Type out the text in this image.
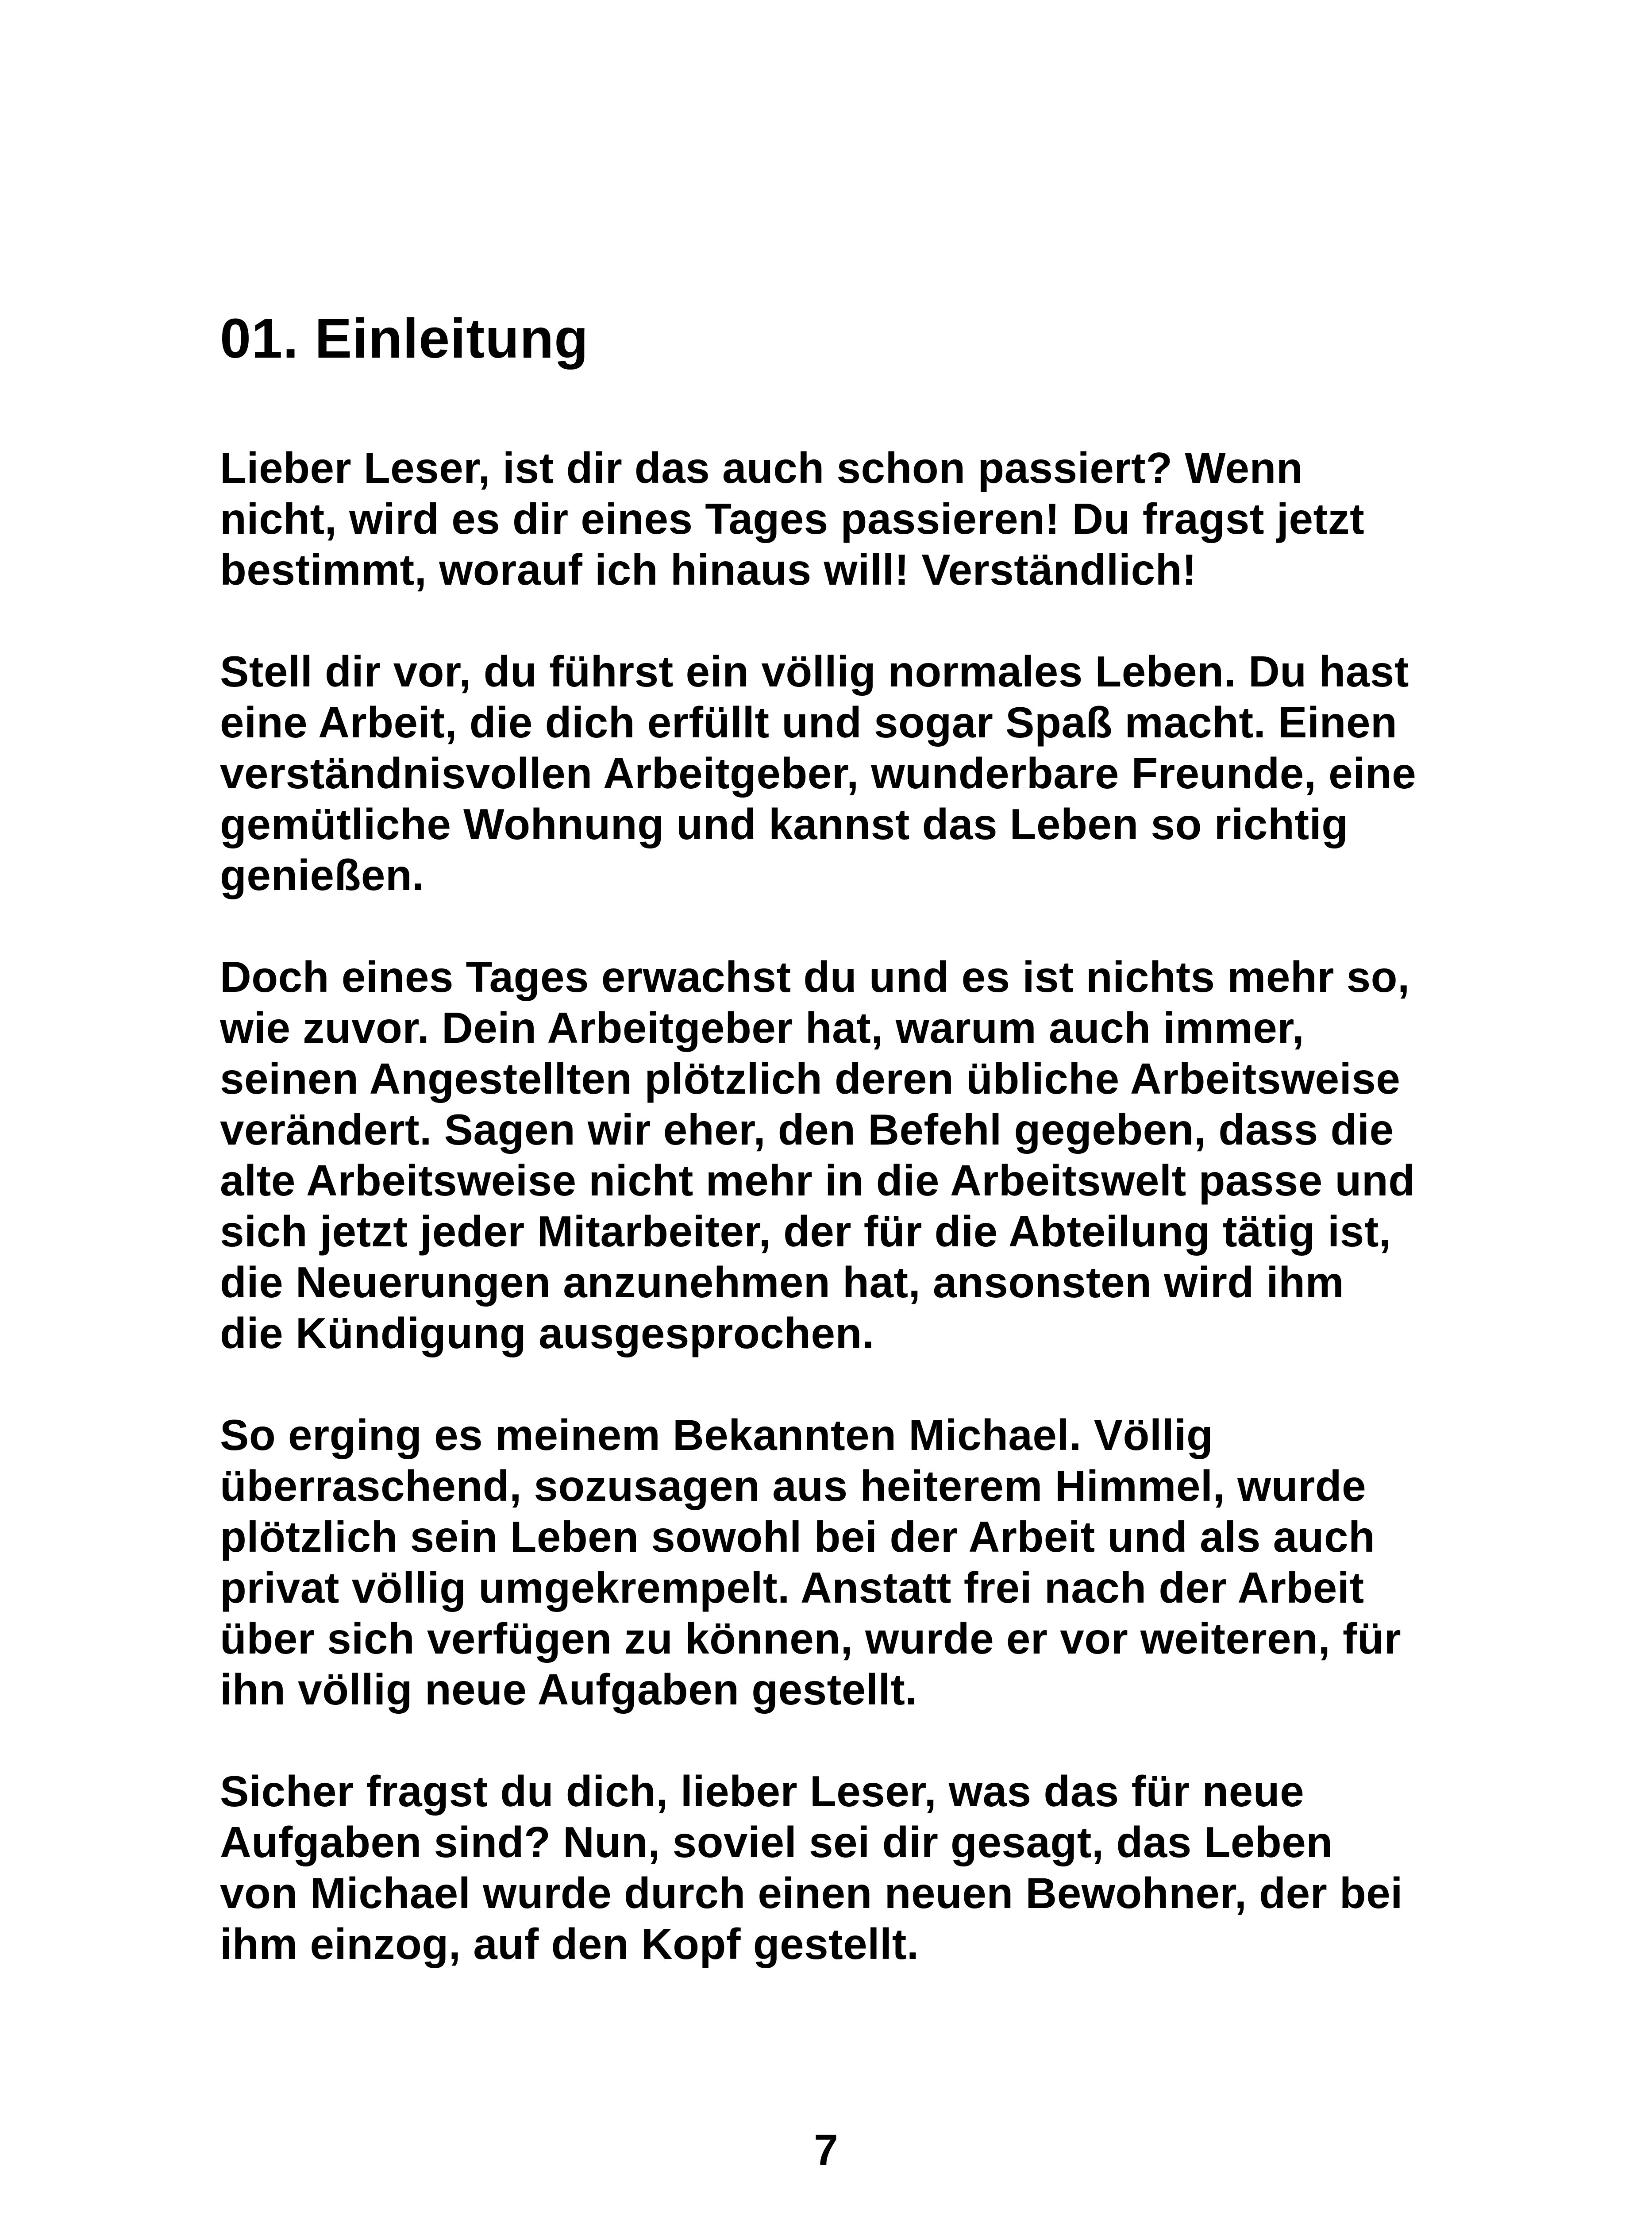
01. Einleitung

Lieber Leser, ist dir das auch schon passiert? Wenn
nicht, wird es dir eines Tages passieren! Du fragst jetzt
bestimmt, worauf ich hinaus will! Verständlich!

Stell dir vor, du führst ein völlig normales Leben. Du hast
eine Arbeit, die dich erfüllt und sogar Spaß macht. Einen
verständnisvollen Arbeitgeber, wunderbare Freunde, eine
gemütliche Wohnung und kannst das Leben so richtig
genießen.

Doch eines Tages erwachst du und es ist nichts mehr so,
wie zuvor. Dein Arbeitgeber hat, warum auch immer,
seinen Angestellten plötzlich deren übliche Arbeitsweise
verändert. Sagen wir eher, den Befehl gegeben, dass die
alte Arbeitsweise nicht mehr in die Arbeitswelt passe und
sich jetzt jeder Mitarbeiter, der für die Abteilung tätig ist,
die Neuerungen anzunehmen hat, ansonsten wird ihm
die Kündigung ausgesprochen.

So erging es meinem Bekannten Michael. Völlig
überraschend, sozusagen aus heiterem Himmel, wurde
plötzlich sein Leben sowohl bei der Arbeit und als auch
privat völlig umgekrempelt. Anstatt frei nach der Arbeit
über sich verfügen zu können, wurde er vor weiteren, für
ihn völlig neue Aufgaben gestellt.

Sicher fragst du dich, lieber Leser, was das für neue
Aufgaben sind? Nun, soviel sei dir gesagt, das Leben
von Michael wurde durch einen neuen Bewohner, der bei
ihm einzog, auf den Kopf gestellt.

7
